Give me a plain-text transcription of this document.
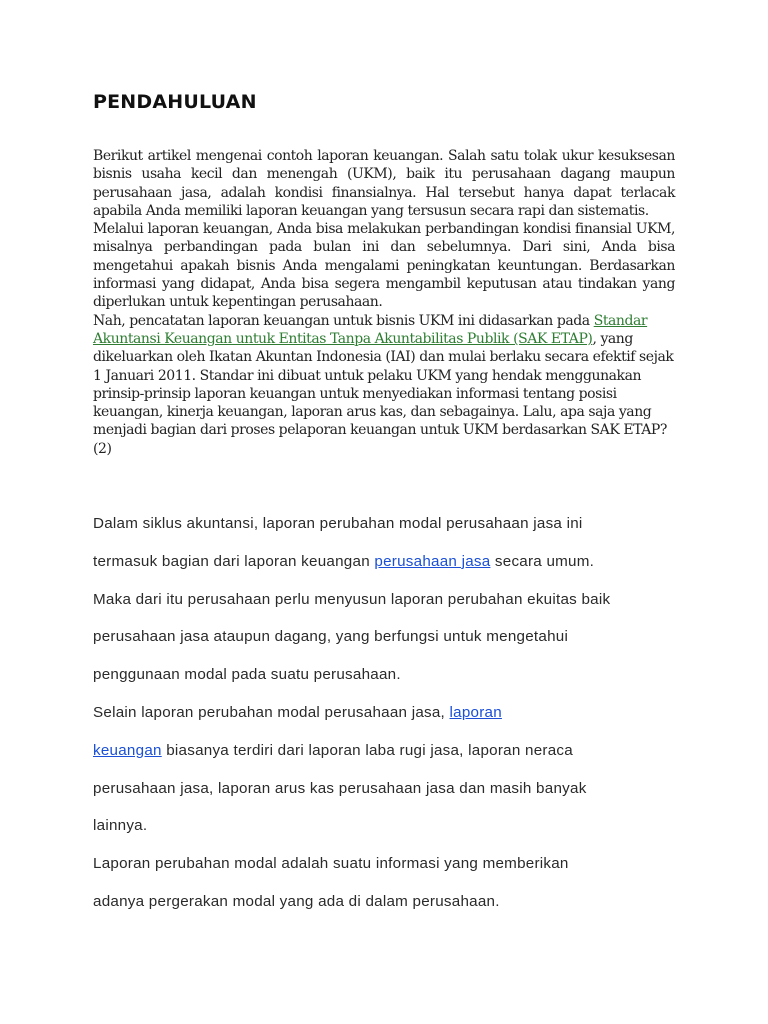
PENDAHULUAN

Berikut artikel mengenai contoh laporan keuangan. Salah satu tolak ukur kesuksesan bisnis usaha kecil dan menengah (UKM), baik itu perusahaan dagang maupun perusahaan jasa, adalah kondisi finansialnya. Hal tersebut hanya dapat terlacak apabila Anda memiliki laporan keuangan yang tersusun secara rapi dan sistematis.

Melalui laporan keuangan, Anda bisa melakukan perbandingan kondisi finansial UKM, misalnya perbandingan pada bulan ini dan sebelumnya. Dari sini, Anda bisa mengetahui apakah bisnis Anda mengalami peningkatan keuntungan. Berdasarkan informasi yang didapat, Anda bisa segera mengambil keputusan atau tindakan yang diperlukan untuk kepentingan perusahaan.

Nah, pencatatan laporan keuangan untuk bisnis UKM ini didasarkan pada Standar Akuntansi Keuangan untuk Entitas Tanpa Akuntabilitas Publik (SAK ETAP), yang dikeluarkan oleh Ikatan Akuntan Indonesia (IAI) dan mulai berlaku secara efektif sejak 1 Januari 2011. Standar ini dibuat untuk pelaku UKM yang hendak menggunakan prinsip-prinsip laporan keuangan untuk menyediakan informasi tentang posisi keuangan, kinerja keuangan, laporan arus kas, dan sebagainya. Lalu, apa saja yang menjadi bagian dari proses pelaporan keuangan untuk UKM berdasarkan SAK ETAP? (2)

Dalam siklus akuntansi, laporan perubahan modal perusahaan jasa ini
termasuk bagian dari laporan keuangan perusahaan jasa secara umum.
Maka dari itu perusahaan perlu menyusun laporan perubahan ekuitas baik
perusahaan jasa ataupun dagang, yang berfungsi untuk mengetahui
penggunaan modal pada suatu perusahaan.
Selain laporan perubahan modal perusahaan jasa, laporan
keuangan biasanya terdiri dari laporan laba rugi jasa, laporan neraca
perusahaan jasa, laporan arus kas perusahaan jasa dan masih banyak
lainnya.
Laporan perubahan modal adalah suatu informasi yang memberikan
adanya pergerakan modal yang ada di dalam perusahaan.
